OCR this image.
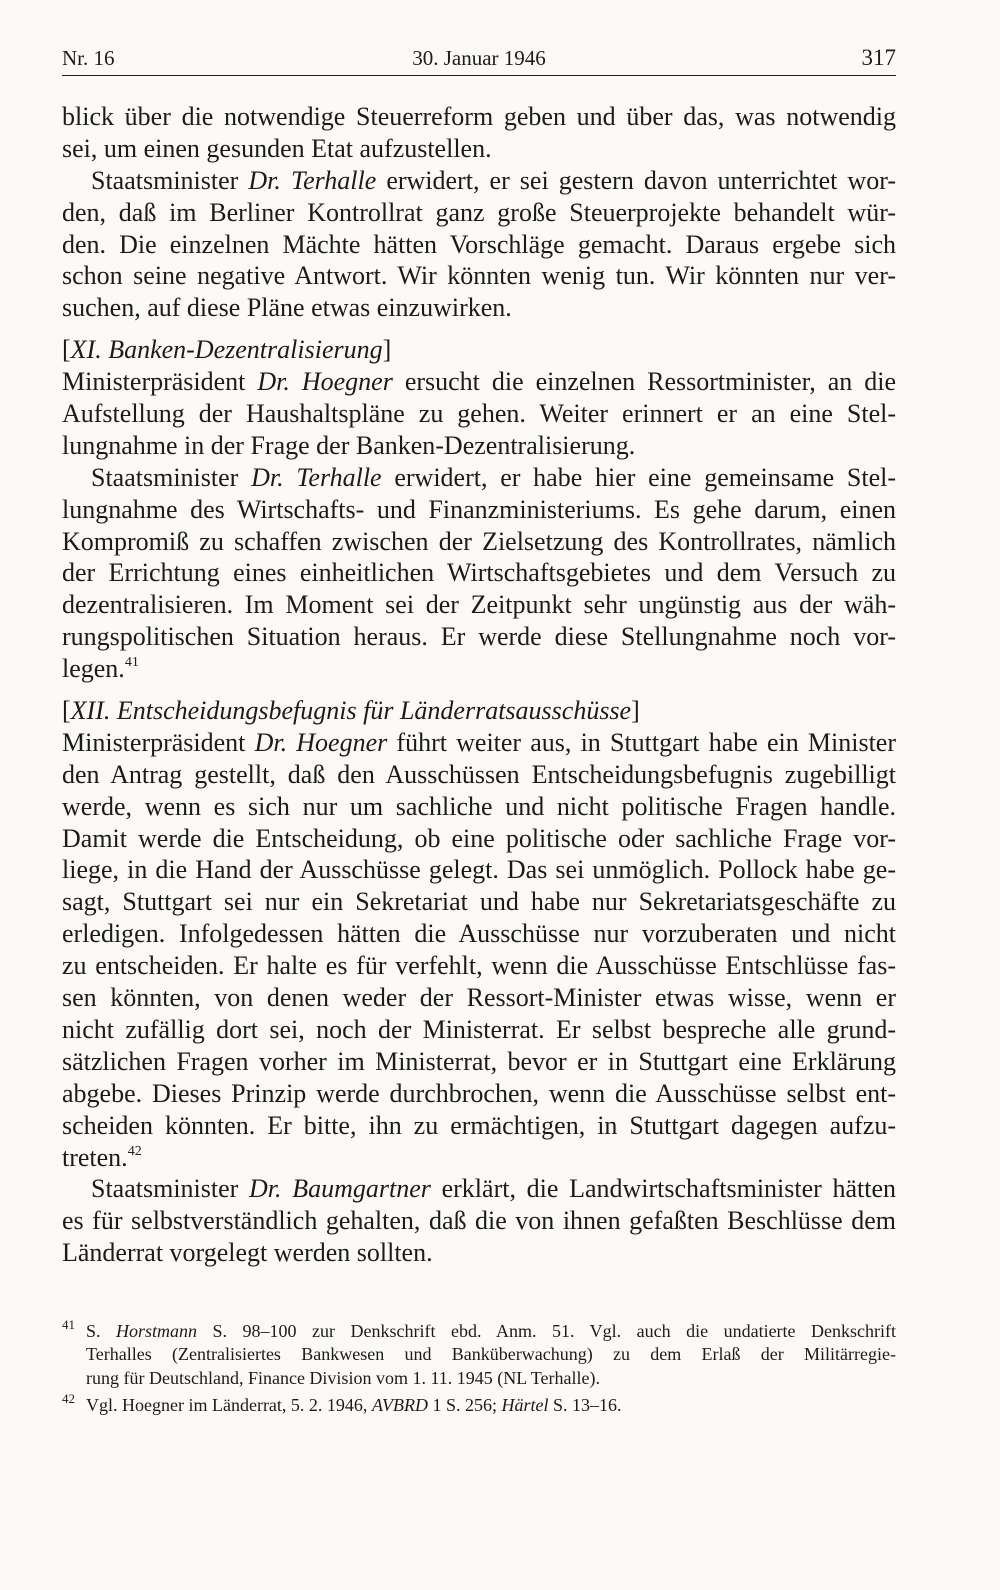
Nr. 16	30. Januar 1946	317
blick über die notwendige Steuerreform geben und über das, was notwendig
sei, um einen gesunden Etat aufzustellen.
Staatsminister Dr. Terhalle erwidert, er sei gestern davon unterrichtet wor-
den, daß im Berliner Kontrollrat ganz große Steuerprojekte behandelt wür-
den. Die einzelnen Mächte hätten Vorschläge gemacht. Daraus ergebe sich
schon seine negative Antwort. Wir könnten wenig tun. Wir könnten nur ver-
suchen, auf diese Pläne etwas einzuwirken.
[XI. Banken-Dezentralisierung]
Ministerpräsident Dr. Hoegner ersucht die einzelnen Ressortminister, an die
Aufstellung der Haushaltspläne zu gehen. Weiter erinnert er an eine Stel-
lungnahme in der Frage der Banken-Dezentralisierung.
Staatsminister Dr. Terhalle erwidert, er habe hier eine gemeinsame Stel-
lungnahme des Wirtschafts- und Finanzministeriums. Es gehe darum, einen
Kompromiß zu schaffen zwischen der Zielsetzung des Kontrollrates, nämlich
der Errichtung eines einheitlichen Wirtschaftsgebietes und dem Versuch zu
dezentralisieren. Im Moment sei der Zeitpunkt sehr ungünstig aus der wäh-
rungspolitischen Situation heraus. Er werde diese Stellungnahme noch vor-
legen.$^{41}$
[XII. Entscheidungsbefugnis für Länderratsausschüsse]
Ministerpräsident Dr. Hoegner führt weiter aus, in Stuttgart habe ein Minister
den Antrag gestellt, daß den Ausschüssen Entscheidungsbefugnis zugebilligt
werde, wenn es sich nur um sachliche und nicht politische Fragen handle.
Damit werde die Entscheidung, ob eine politische oder sachliche Frage vor-
liege, in die Hand der Ausschüsse gelegt. Das sei unmöglich. Pollock habe ge-
sagt, Stuttgart sei nur ein Sekretariat und habe nur Sekretariatsgeschäfte zu
erledigen. Infolgedessen hätten die Ausschüsse nur vorzuberaten und nicht
zu entscheiden. Er halte es für verfehlt, wenn die Ausschüsse Entschlüsse fas-
sen könnten, von denen weder der Ressort-Minister etwas wisse, wenn er
nicht zufällig dort sei, noch der Ministerrat. Er selbst bespreche alle grund-
sätzlichen Fragen vorher im Ministerrat, bevor er in Stuttgart eine Erklärung
abgebe. Dieses Prinzip werde durchbrochen, wenn die Ausschüsse selbst ent-
scheiden könnten. Er bitte, ihn zu ermächtigen, in Stuttgart dagegen aufzu-
treten.$^{42}$
Staatsminister Dr. Baumgartner erklärt, die Landwirtschaftsminister hätten
es für selbstverständlich gehalten, daß die von ihnen gefaßten Beschlüsse dem
Länderrat vorgelegt werden sollten.
41 S. Horstmann S. 98–100 zur Denkschrift ebd. Anm. 51. Vgl. auch die undatierte Denkschrift
Terhalles (Zentralisiertes Bankwesen und Banküberwachung) zu dem Erlaß der Militärregie-
rung für Deutschland, Finance Division vom 1. 11. 1945 (NL Terhalle).
42 Vgl. Hoegner im Länderrat, 5. 2. 1946, AVBRD 1 S. 256; Härtel S. 13–16.
